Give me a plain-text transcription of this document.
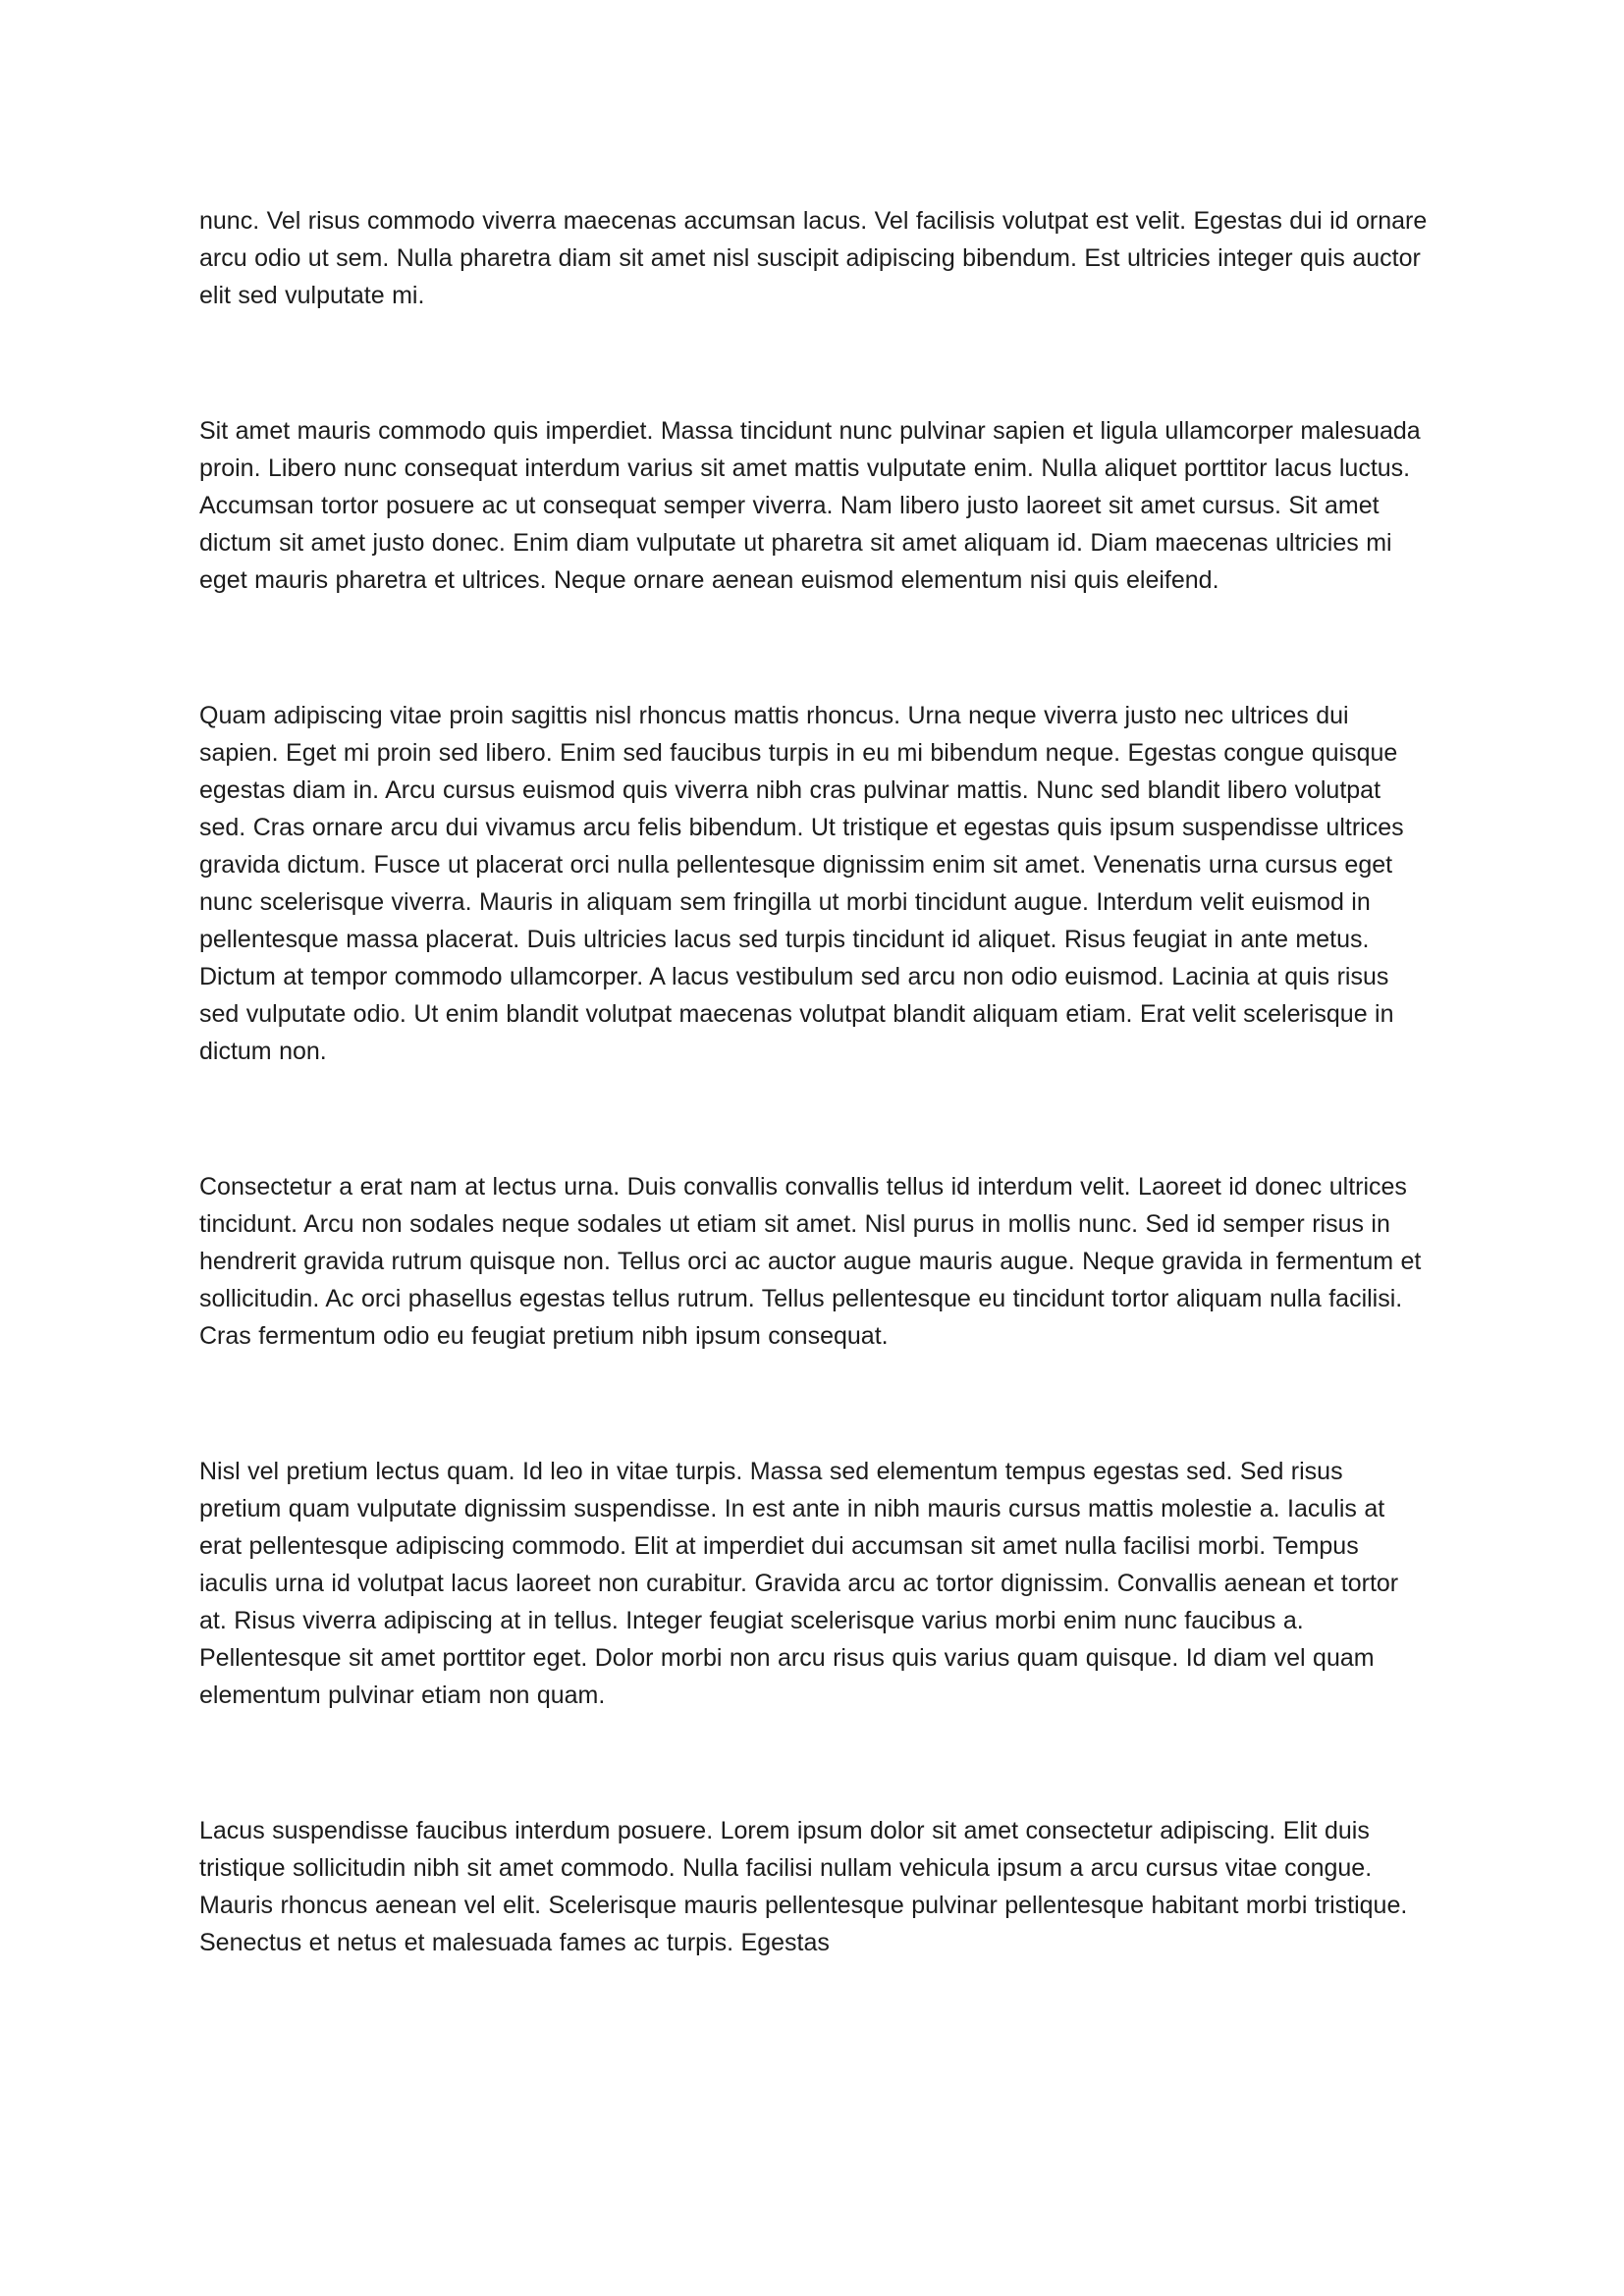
nunc. Vel risus commodo viverra maecenas accumsan lacus. Vel facilisis volutpat est velit. Egestas dui id ornare arcu odio ut sem. Nulla pharetra diam sit amet nisl suscipit adipiscing bibendum. Est ultricies integer quis auctor elit sed vulputate mi.

Sit amet mauris commodo quis imperdiet. Massa tincidunt nunc pulvinar sapien et ligula ullamcorper malesuada proin. Libero nunc consequat interdum varius sit amet mattis vulputate enim. Nulla aliquet porttitor lacus luctus. Accumsan tortor posuere ac ut consequat semper viverra. Nam libero justo laoreet sit amet cursus. Sit amet dictum sit amet justo donec. Enim diam vulputate ut pharetra sit amet aliquam id. Diam maecenas ultricies mi eget mauris pharetra et ultrices. Neque ornare aenean euismod elementum nisi quis eleifend.

Quam adipiscing vitae proin sagittis nisl rhoncus mattis rhoncus. Urna neque viverra justo nec ultrices dui sapien. Eget mi proin sed libero. Enim sed faucibus turpis in eu mi bibendum neque. Egestas congue quisque egestas diam in. Arcu cursus euismod quis viverra nibh cras pulvinar mattis. Nunc sed blandit libero volutpat sed. Cras ornare arcu dui vivamus arcu felis bibendum. Ut tristique et egestas quis ipsum suspendisse ultrices gravida dictum. Fusce ut placerat orci nulla pellentesque dignissim enim sit amet. Venenatis urna cursus eget nunc scelerisque viverra. Mauris in aliquam sem fringilla ut morbi tincidunt augue. Interdum velit euismod in pellentesque massa placerat. Duis ultricies lacus sed turpis tincidunt id aliquet. Risus feugiat in ante metus. Dictum at tempor commodo ullamcorper. A lacus vestibulum sed arcu non odio euismod. Lacinia at quis risus sed vulputate odio. Ut enim blandit volutpat maecenas volutpat blandit aliquam etiam. Erat velit scelerisque in dictum non.

Consectetur a erat nam at lectus urna. Duis convallis convallis tellus id interdum velit. Laoreet id donec ultrices tincidunt. Arcu non sodales neque sodales ut etiam sit amet. Nisl purus in mollis nunc. Sed id semper risus in hendrerit gravida rutrum quisque non. Tellus orci ac auctor augue mauris augue. Neque gravida in fermentum et sollicitudin. Ac orci phasellus egestas tellus rutrum. Tellus pellentesque eu tincidunt tortor aliquam nulla facilisi. Cras fermentum odio eu feugiat pretium nibh ipsum consequat.

Nisl vel pretium lectus quam. Id leo in vitae turpis. Massa sed elementum tempus egestas sed. Sed risus pretium quam vulputate dignissim suspendisse. In est ante in nibh mauris cursus mattis molestie a. Iaculis at erat pellentesque adipiscing commodo. Elit at imperdiet dui accumsan sit amet nulla facilisi morbi. Tempus iaculis urna id volutpat lacus laoreet non curabitur. Gravida arcu ac tortor dignissim. Convallis aenean et tortor at. Risus viverra adipiscing at in tellus. Integer feugiat scelerisque varius morbi enim nunc faucibus a. Pellentesque sit amet porttitor eget. Dolor morbi non arcu risus quis varius quam quisque. Id diam vel quam elementum pulvinar etiam non quam.

Lacus suspendisse faucibus interdum posuere. Lorem ipsum dolor sit amet consectetur adipiscing. Elit duis tristique sollicitudin nibh sit amet commodo. Nulla facilisi nullam vehicula ipsum a arcu cursus vitae congue. Mauris rhoncus aenean vel elit. Scelerisque mauris pellentesque pulvinar pellentesque habitant morbi tristique. Senectus et netus et malesuada fames ac turpis. Egestas
